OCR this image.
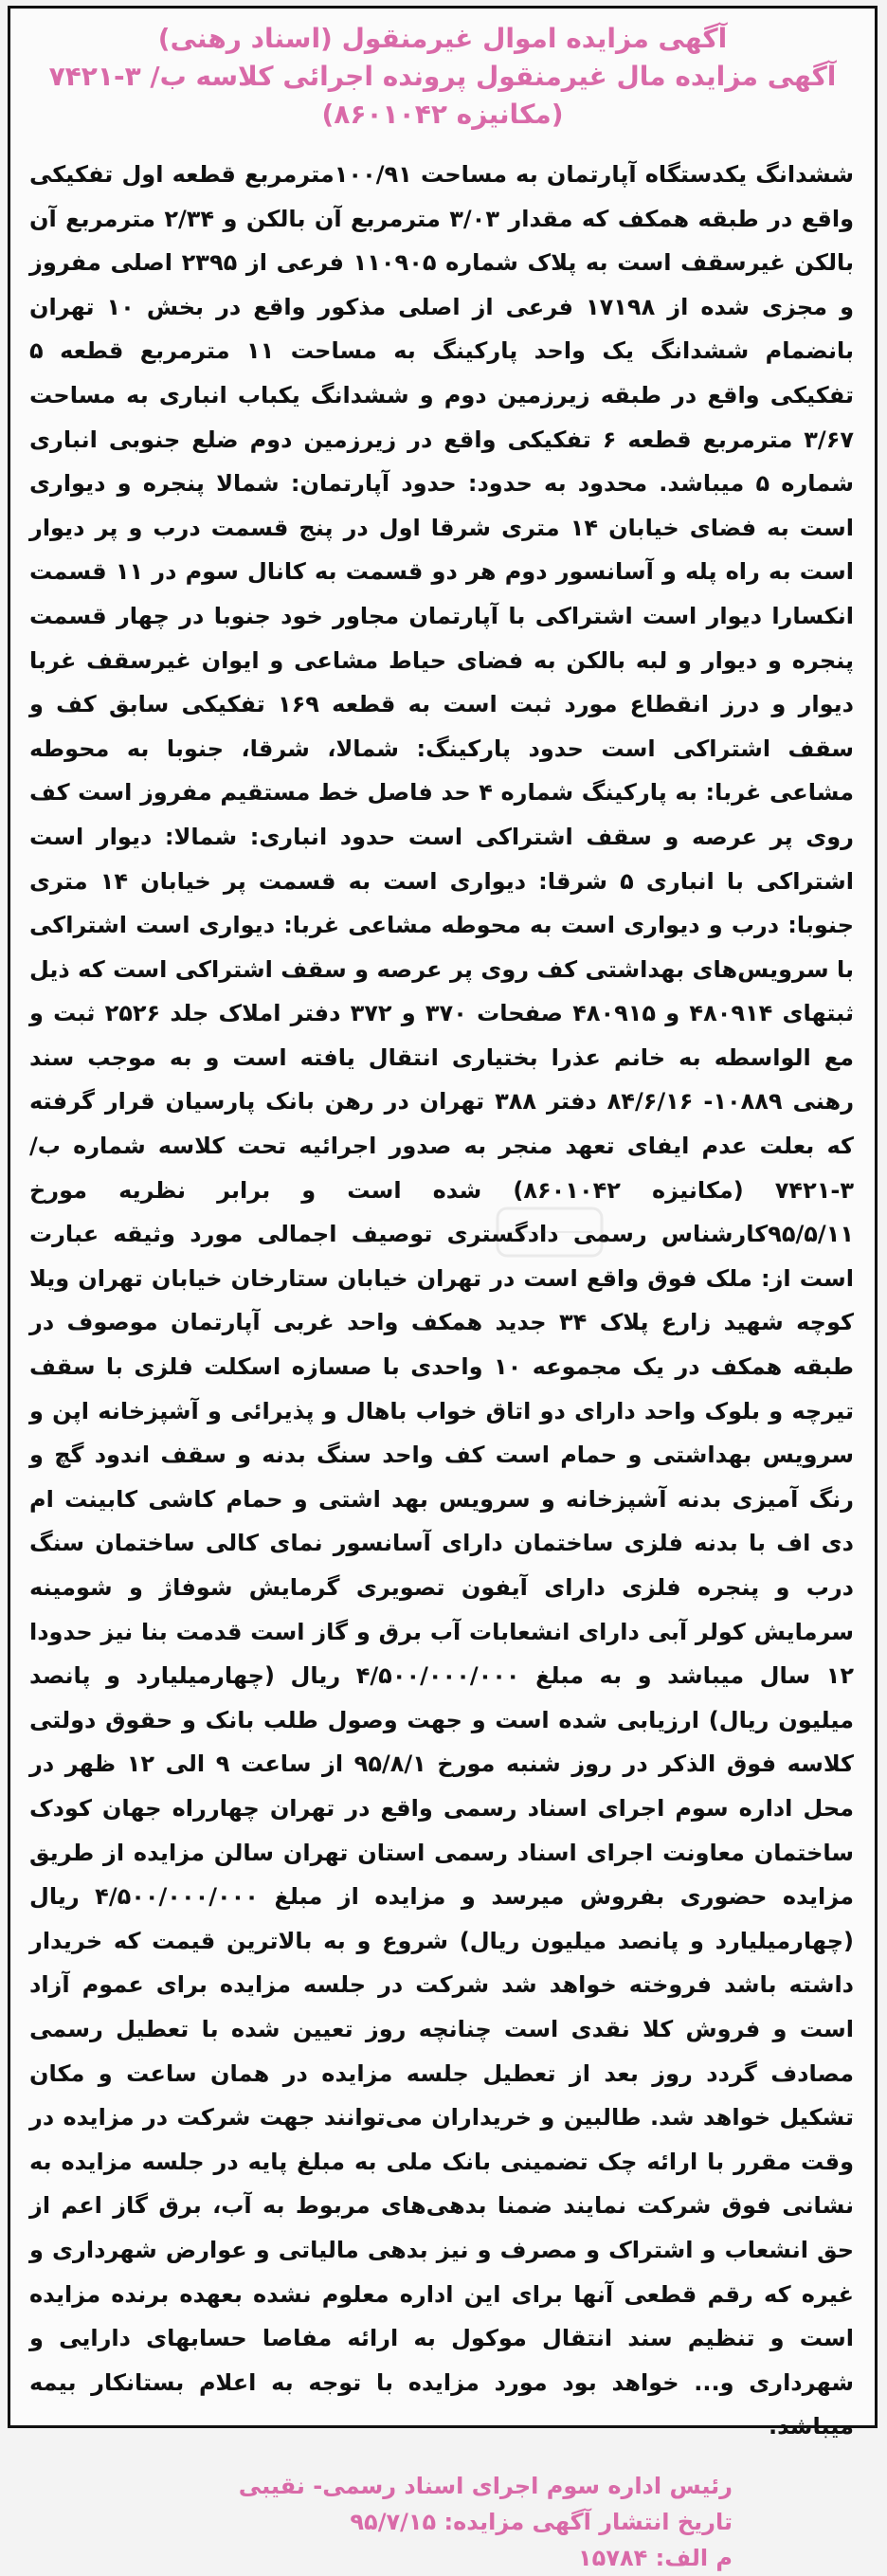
آگهی مزایده اموال غیرمنقول (اسناد رهنی)
آگهی مزایده مال غیرمنقول پرونده اجرائی کلاسه ب/ ۳-۷۴۲۱
(مکانیزه ۸۶۰۱۰۴۲)
ششدانگ یکدستگاه آپارتمان به مساحت ۱۰۰/۹۱مترمربع قطعه اول تفکیکی واقع در طبقه همکف که مقدار ۳/۰۳ مترمربع آن بالکن و ۲/۳۴ مترمربع آن بالکن غیرسقف است به پلاک شماره ۱۱۰۹۰۵ فرعی از ۲۳۹۵ اصلی مفروز و مجزی شده از ۱۷۱۹۸ فرعی از اصلی مذکور واقع در بخش ۱۰ تهران بانضمام ششدانگ یک واحد پارکینگ به مساحت ۱۱ مترمربع قطعه ۵ تفکیکی واقع در طبقه زیرزمین دوم و ششدانگ یکباب انباری به مساحت ۳/۶۷ مترمربع قطعه ۶ تفکیکی واقع در زیرزمین دوم ضلع جنوبی انباری شماره ۵ میباشد. محدود به حدود: حدود آپارتمان: شمالا پنجره و دیواری است به فضای خیابان ۱۴ متری شرقا اول در پنج قسمت درب و پر دیوار است به راه پله و آسانسور دوم هر دو قسمت به کانال سوم در ۱۱ قسمت انکسارا دیوار است اشتراکی با آپارتمان مجاور خود جنوبا در چهار قسمت پنجره و دیوار و لبه بالکن به فضای حیاط مشاعی و ایوان غیرسقف غربا دیوار و درز انقطاع مورد ثبت است به قطعه ۱۶۹ تفکیکی سابق کف و سقف اشتراکی است حدود پارکینگ: شمالا، شرقا، جنوبا به محوطه مشاعی غربا: به پارکینگ شماره ۴ حد فاصل خط مستقیم مفروز است کف روی پر عرصه و سقف اشتراکی است حدود انباری: شمالا: دیوار است اشتراکی با انباری ۵ شرقا: دیواری است به قسمت پر خیابان ۱۴ متری جنوبا: درب و دیواری است به محوطه مشاعی غربا: دیواری است اشتراکی با سرویس‌های بهداشتی کف روی پر عرصه و سقف اشتراکی است که ذیل ثبتهای ۴۸۰۹۱۴ و ۴۸۰۹۱۵ صفحات ۳۷۰ و ۳۷۲ دفتر املاک جلد ۲۵۲۶ ثبت و مع الواسطه به خانم عذرا بختیاری انتقال یافته است و به موجب سند رهنی ۱۰۸۸۹- ۸۴/۶/۱۶ دفتر ۳۸۸ تهران در رهن بانک پارسیان قرار گرفته که بعلت عدم ایفای تعهد منجر به صدور اجرائیه تحت کلاسه شماره ب/۳-۷۴۲۱ (مکانیزه ۸۶۰۱۰۴۲) شده است و برابر نظریه مورخ ۹۵/۵/۱۱کارشناس رسمی دادگستری توصیف اجمالی مورد وثیقه عبارت است از: ملک فوق واقع است در تهران خیابان ستارخان خیابان تهران ویلا کوچه شهید زارع پلاک ۳۴ جدید همکف واحد غربی آپارتمان موصوف در طبقه همکف در یک مجموعه ۱۰ واحدی با صسازه اسکلت فلزی با سقف تیرچه و بلوک واحد دارای دو اتاق خواب باهال و پذیرائی و آشپزخانه اپن و سرویس بهداشتی و حمام است کف واحد سنگ بدنه و سقف اندود گچ و رنگ آمیزی بدنه آشپزخانه و سرویس بهد اشتی و حمام کاشی کابینت ام دی اف با بدنه فلزی ساختمان دارای آسانسور نمای کالی ساختمان سنگ درب و پنجره فلزی دارای آیفون تصویری گرمایش شوفاژ و شومینه سرمایش کولر آبی دارای انشعابات آب برق و گاز است قدمت بنا نیز حدودا ۱۲ سال میباشد و به مبلغ ۴/۵۰۰/۰۰۰/۰۰۰ ریال (چهارمیلیارد و پانصد میلیون ریال) ارزیابی شده است و جهت وصول طلب بانک و حقوق دولتی کلاسه فوق الذکر در روز شنبه مورخ ۹۵/۸/۱ از ساعت ۹ الی ۱۲ ظهر در محل اداره سوم اجرای اسناد رسمی واقع در تهران چهارراه جهان کودک ساختمان معاونت اجرای اسناد رسمی استان تهران سالن مزایده از طریق مزایده حضوری بفروش میرسد و مزایده از مبلغ ۴/۵۰۰/۰۰۰/۰۰۰ ریال (چهارمیلیارد و پانصد میلیون ریال) شروع و به بالاترین قیمت که خریدار داشته باشد فروخته خواهد شد شرکت در جلسه مزایده برای عموم آزاد است و فروش کلا نقدی است چنانچه روز تعیین شده با تعطیل رسمی مصادف گردد روز بعد از تعطیل جلسه مزایده در همان ساعت و مکان تشکیل خواهد شد. طالبین و خریداران می‌توانند جهت شرکت در مزایده در وقت مقرر با ارائه چک تضمینی بانک ملی به مبلغ پایه در جلسه مزایده به نشانی فوق شرکت نمایند ضمنا بدهی‌های مربوط به آب، برق گاز اعم از حق انشعاب و اشتراک و مصرف و نیز بدهی مالیاتی و عوارض شهرداری و غیره که رقم قطعی آنها برای این اداره معلوم نشده بعهده برنده مزایده است و تنظیم سند انتقال موکول به ارائه مفاصا حسابهای دارایی و شهرداری و... خواهد بود مورد مزایده با توجه به اعلام بستانکار بیمه میباشد.
رئیس اداره سوم اجرای اسناد رسمی- نقیبی
تاریخ انتشار آگهی مزایده: ۹۵/۷/۱۵
م الف: ۱۵۷۸۴
